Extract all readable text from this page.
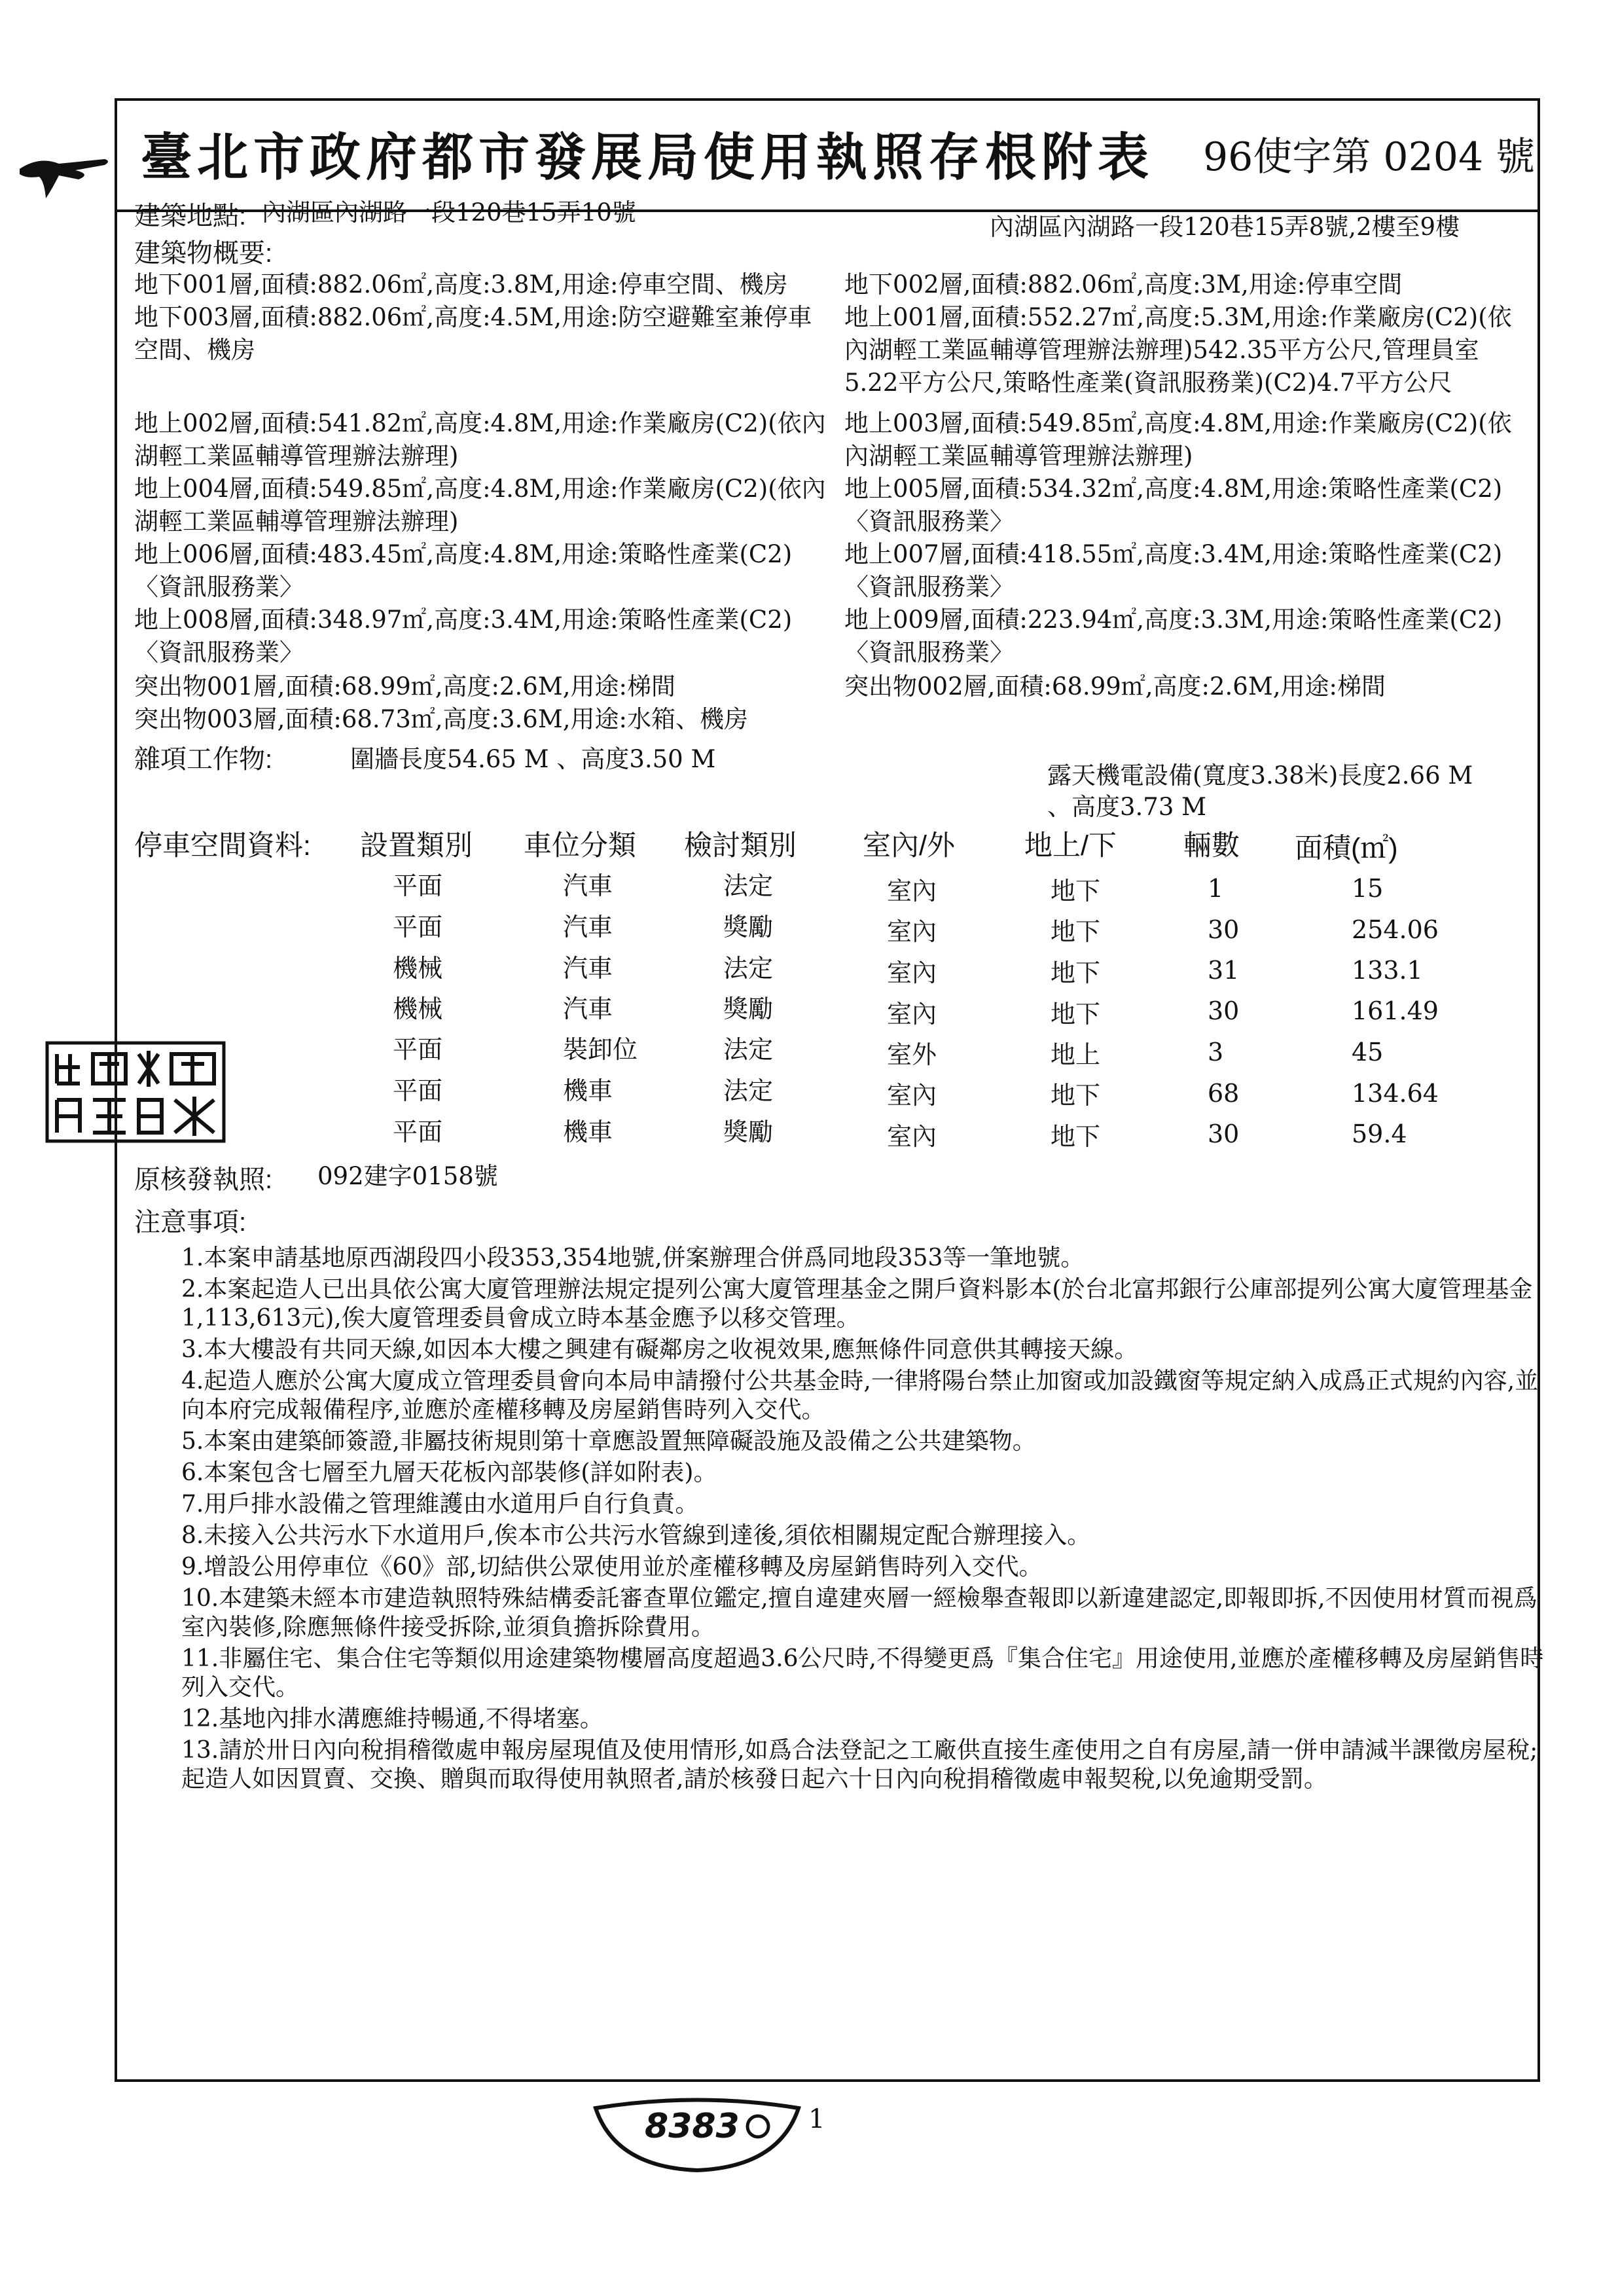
臺北市政府都市發展局使用執照存根附表 96使字第 0204 號
建築地點: 內湖區內湖路一段120巷15弄10號
內湖區內湖路一段120巷15弄8號,2樓至9樓
建築物概要:
地下001層,面積:882.06㎡,高度:3.8M,用途:停車空間、機房
地下003層,面積:882.06㎡,高度:4.5M,用途:防空避難室兼停車空間、機房
地上002層,面積:541.82㎡,高度:4.8M,用途:作業廠房(C2)(依內湖輕工業區輔導管理辦法辦理)
地上004層,面積:549.85㎡,高度:4.8M,用途:作業廠房(C2)(依內湖輕工業區輔導管理辦法辦理)
地上006層,面積:483.45㎡,高度:4.8M,用途:策略性產業(C2)〈資訊服務業〉
地上008層,面積:348.97㎡,高度:3.4M,用途:策略性產業(C2)〈資訊服務業〉
突出物001層,面積:68.99㎡,高度:2.6M,用途:梯間
突出物003層,面積:68.73㎡,高度:3.6M,用途:水箱、機房
地下002層,面積:882.06㎡,高度:3M,用途:停車空間
地上001層,面積:552.27㎡,高度:5.3M,用途:作業廠房(C2)(依內湖輕工業區輔導管理辦法辦理)542.35平方公尺,管理員室5.22平方公尺,策略性產業(資訊服務業)(C2)4.7平方公尺
地上003層,面積:549.85㎡,高度:4.8M,用途:作業廠房(C2)(依內湖輕工業區輔導管理辦法辦理)
地上005層,面積:534.32㎡,高度:4.8M,用途:策略性產業(C2)〈資訊服務業〉
地上007層,面積:418.55㎡,高度:3.4M,用途:策略性產業(C2)〈資訊服務業〉
地上009層,面積:223.94㎡,高度:3.3M,用途:策略性產業(C2)〈資訊服務業〉
突出物002層,面積:68.99㎡,高度:2.6M,用途:梯間
雜項工作物:	圍牆長度54.65 M 、高度3.50 M
露天機電設備(寬度3.38米)長度2.66 M
、高度3.73 M
停車空間資料: 設置類別 車位分類 檢討類別 室內/外 地上/下 輛數 面積(㎡)
平面	汽車	法定	室內	地下	1	15
平面	汽車	獎勵	室內	地下	30	254.06
機械	汽車	法定	室內	地下	31	133.1
機械	汽車	獎勵	室內	地下	30	161.49
平面	裝卸位	法定	室外	地上	3	45
平面	機車	法定	室內	地下	68	134.64
平面	機車	獎勵	室內	地下	30	59.4
原核發執照: 092建字0158號
注意事項:
1.本案申請基地原西湖段四小段353,354地號,併案辦理合併爲同地段353等一筆地號。
2.本案起造人已出具依公寓大廈管理辦法規定提列公寓大廈管理基金之開戶資料影本(於台北富邦銀行公庫部提列公寓大廈管理基金1,113,613元),俟大廈管理委員會成立時本基金應予以移交管理。
3.本大樓設有共同天線,如因本大樓之興建有礙鄰房之收視效果,應無條件同意供其轉接天線。
4.起造人應於公寓大廈成立管理委員會向本局申請撥付公共基金時,一律將陽台禁止加窗或加設鐵窗等規定納入成爲正式規約內容,並向本府完成報備程序,並應於產權移轉及房屋銷售時列入交代。
5.本案由建築師簽證,非屬技術規則第十章應設置無障礙設施及設備之公共建築物。
6.本案包含七層至九層天花板內部裝修(詳如附表)。
7.用戶排水設備之管理維護由水道用戶自行負責。
8.未接入公共污水下水道用戶,俟本市公共污水管線到達後,須依相關規定配合辦理接入。
9.增設公用停車位《60》部,切結供公眾使用並於產權移轉及房屋銷售時列入交代。
10.本建築未經本市建造執照特殊結構委託審查單位鑑定,擅自違建夾層一經檢舉查報即以新違建認定,即報即拆,不因使用材質而視爲室內裝修,除應無條件接受拆除,並須負擔拆除費用。
11.非屬住宅、集合住宅等類似用途建築物樓層高度超過3.6公尺時,不得變更爲『集合住宅』用途使用,並應於產權移轉及房屋銷售時列入交代。
12.基地內排水溝應維持暢通,不得堵塞。
13.請於卅日內向稅捐稽徵處申報房屋現值及使用情形,如爲合法登記之工廠供直接生產使用之自有房屋,請一併申請減半課徵房屋稅;起造人如因買賣、交換、贈與而取得使用執照者,請於核發日起六十日內向稅捐稽徵處申報契稅,以免逾期受罰。
8383	1
